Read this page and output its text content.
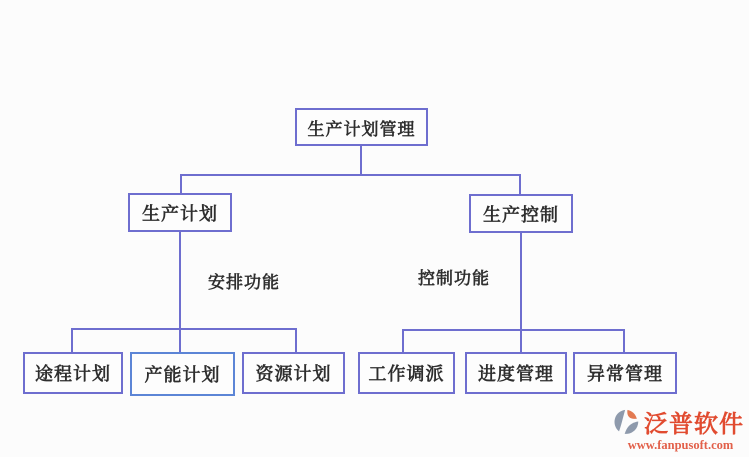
生产计划管理
生产计划	生产控制
途程计划	产能计划	资源计划	工作调派	进度管理	异常管理
安排功能	控制功能
泛普软件
www.fanpusoft.com
